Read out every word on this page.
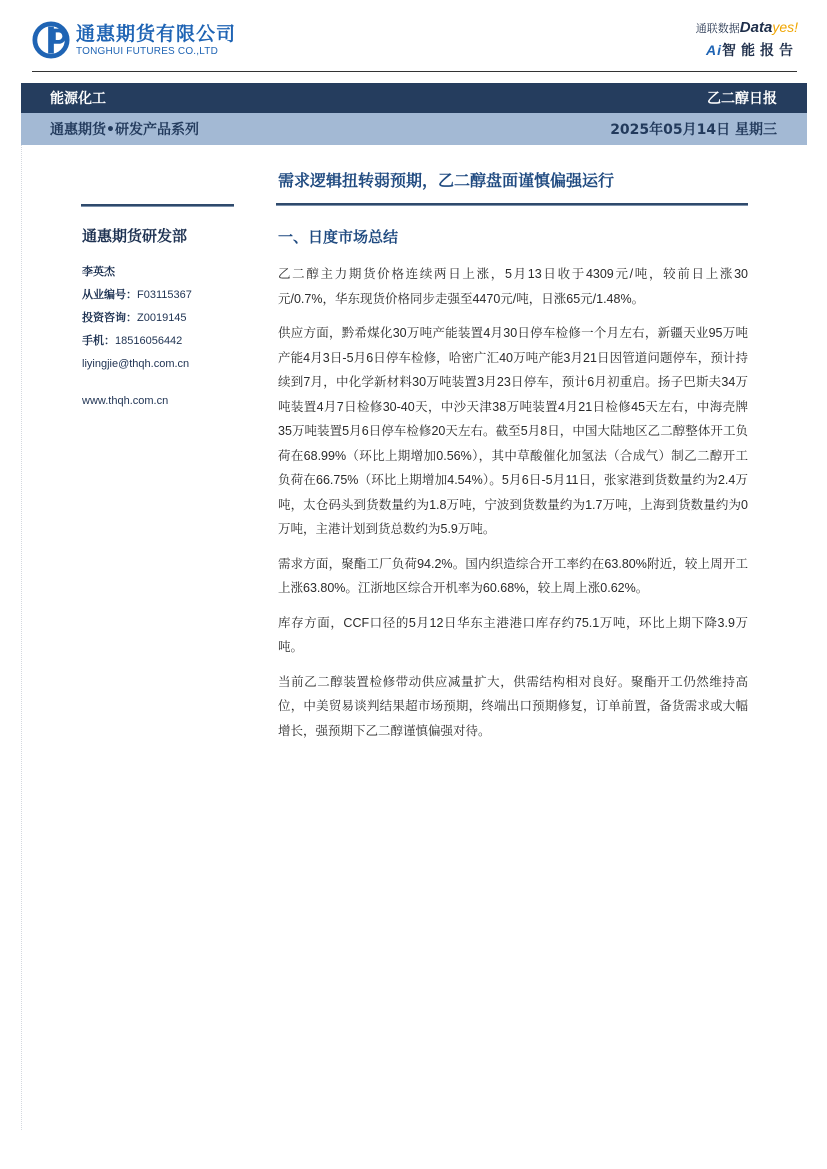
通惠期货有限公司
TONGHUI FUTURES CO.,LTD
通联数据Datayes!
Ai智能报告
能源化工	乙二醇日报
通惠期货•研发产品系列	2025年05月14日 星期三
通惠期货研发部
李英杰
从业编号：F03115367
投资咨询：Z0019145
手机：18516056442
liyingjie@thqh.com.cn
www.thqh.com.cn
需求逻辑扭转弱预期，乙二醇盘面谨慎偏强运行
一、日度市场总结

乙二醇主力期货价格连续两日上涨，5月13日收于4309元/吨，较前日上涨30元/0.7%，华东现货价格同步走强至4470元/吨，日涨65元/1.48%。

供应方面，黔希煤化30万吨产能装置4月30日停车检修一个月左右，新疆天业95万吨产能4月3日-5月6日停车检修，哈密广汇40万吨产能3月21日因管道问题停车，预计持续到7月，中化学新材料30万吨装置3月23日停车，预计6月初重启。扬子巴斯夫34万吨装置4月7日检修30-40天，中沙天津38万吨装置4月21日检修45天左右，中海壳牌35万吨装置5月6日停车检修20天左右。截至5月8日，中国大陆地区乙二醇整体开工负荷在68.99%（环比上期增加0.56%），其中草酸催化加氢法（合成气）制乙二醇开工负荷在66.75%（环比上期增加4.54%）。5月6日-5月11日，张家港到货数量约为2.4万吨，太仓码头到货数量约为1.8万吨，宁波到货数量约为1.7万吨，上海到货数量约为0万吨，主港计划到货总数约为5.9万吨。

需求方面，聚酯工厂负荷94.2%。国内织造综合开工率约在63.80%附近，较上周开工上涨63.80%。江浙地区综合开机率为60.68%，较上周上涨0.62%。

库存方面，CCF口径的5月12日华东主港港口库存约75.1万吨，环比上期下降3.9万吨。

当前乙二醇装置检修带动供应减量扩大，供需结构相对良好。聚酯开工仍然维持高位，中美贸易谈判结果超市场预期，终端出口预期修复，订单前置，备货需求或大幅增长，强预期下乙二醇谨慎偏强对待。
